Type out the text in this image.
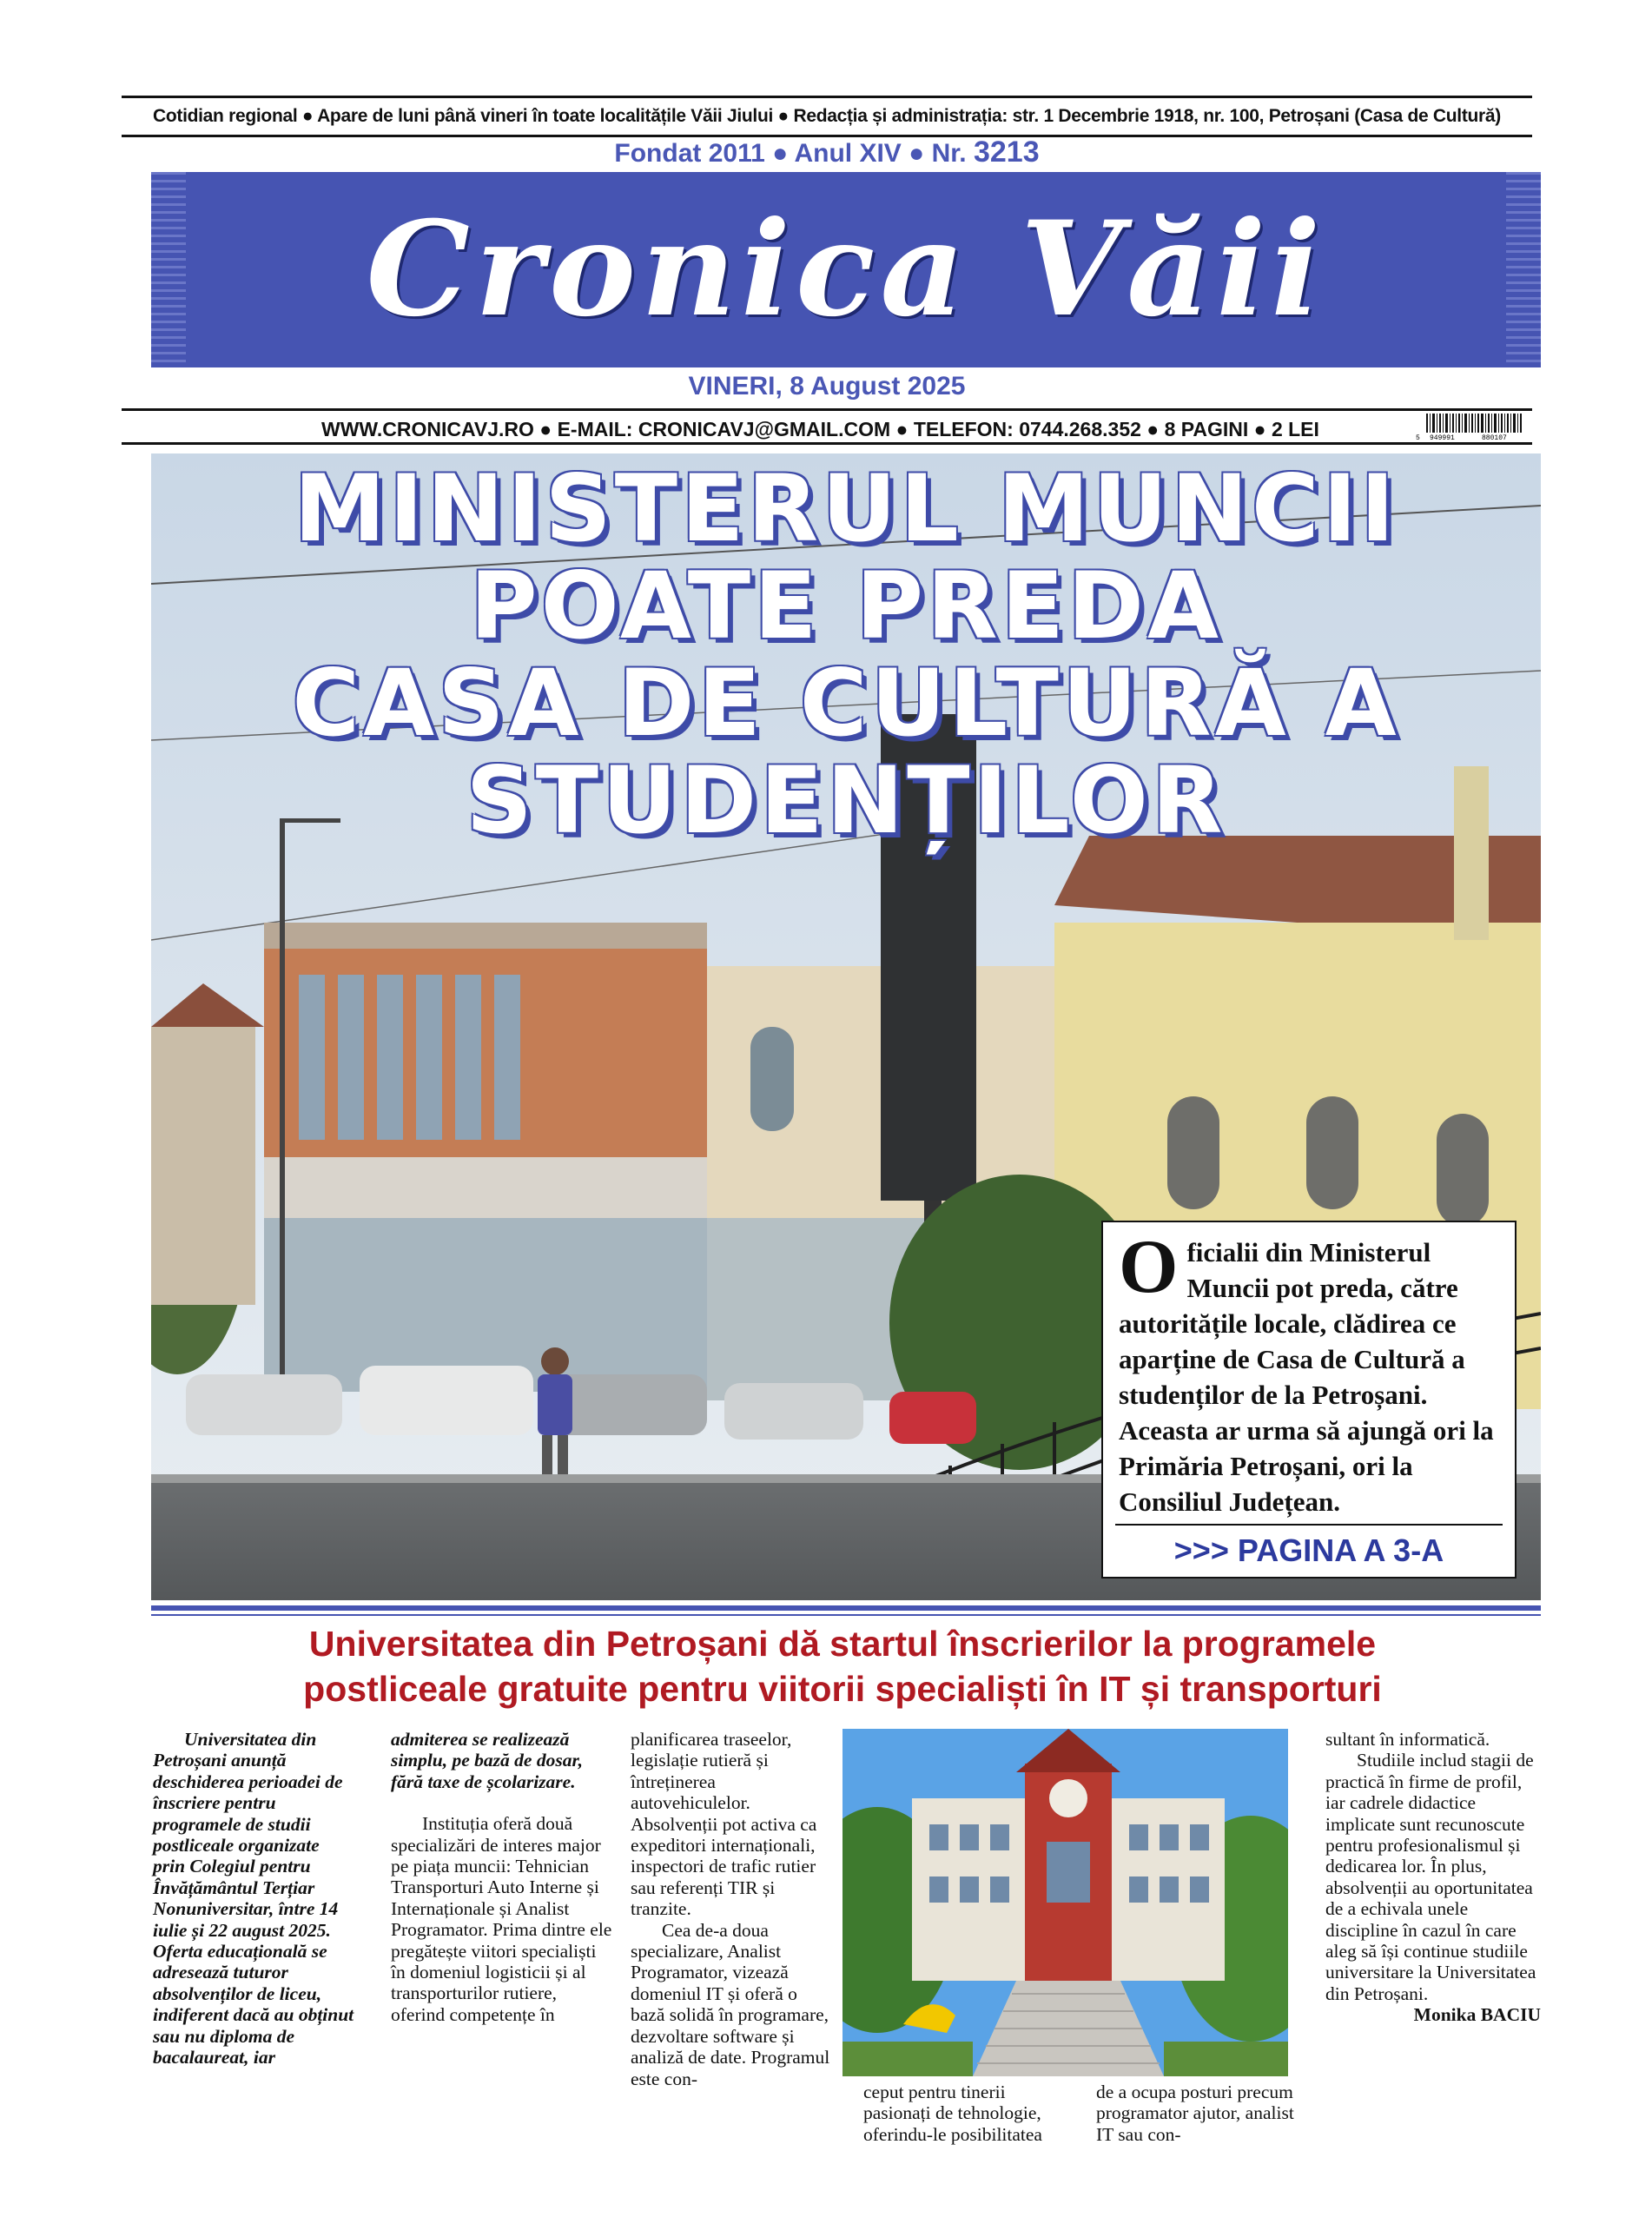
Cotidian regional ● Apare de luni până vineri în toate localitățile Văii Jiului ● Redacția și administrația: str. 1 Decembrie 1918, nr. 100, Petroșani (Casa de Cultură)
Fondat 2011 ● Anul XIV ● Nr. 3213
Cronica Văii
VINERI, 8 August 2025
WWW.CRONICAVJ.RO ● E-MAIL: CRONICAVJ@GMAIL.COM ● TELEFON: 0744.268.352 ● 8 PAGINI ● 2 LEI	5 949991	880107
MINISTERUL MUNCII
POATE PREDA
CASA DE CULTURĂ A
STUDENȚILOR
Oficialii din Ministerul Muncii pot preda, către autoritățile locale, clădirea ce aparține de Casa de Cultură a studenților de la Petroșani. Aceasta ar urma să ajungă ori la Primăria Petroșani, ori la Consiliul Județean.
>>> PAGINA A 3-A
Universitatea din Petroșani dă startul înscrierilor la programele
postliceale gratuite pentru viitorii specialiști în IT și transporturi
Universitatea din Petroșani anunță deschiderea perioadei de înscriere pentru programele de studii postliceale organizate prin Colegiul pentru Învățământul Terțiar Nonuniversitar, între 14 iulie și 22 august 2025. Oferta educațională se adresează tuturor absolvenților de liceu, indiferent dacă au obținut sau nu diploma de bacalaureat, iar

admiterea se realizează simplu, pe bază de dosar, fără taxe de școlarizare.

Instituția oferă două specializări de interes major pe piața muncii: Tehnician Transporturi Auto Interne și Internaționale și Analist Programator. Prima dintre ele pregătește viitori specialiști în domeniul logisticii și al transporturilor rutiere, oferind competențe în

planificarea traseelor, legislație rutieră și întreținerea autovehiculelor. Absolvenții pot activa ca expeditori internaționali, inspectori de trafic rutier sau referenți TIR și tranzite.

Cea de-a doua specializare, Analist Programator, vizează domeniul IT și oferă o bază solidă în programare, dezvoltare software și analiză de date. Programul este con-

ceput pentru tinerii pasionați de tehnologie, oferindu-le posibilitatea
de a ocupa posturi precum programator ajutor, analist IT sau con-

sultant în informatică.

Studiile includ stagii de practică în firme de profil, iar cadrele didactice implicate sunt recunoscute pentru profesionalismul și dedicarea lor. În plus, absolvenții au oportunitatea de a echivala unele discipline în cazul în care aleg să își continue studiile universitare la Universitatea din Petroșani.

Monika BACIU
